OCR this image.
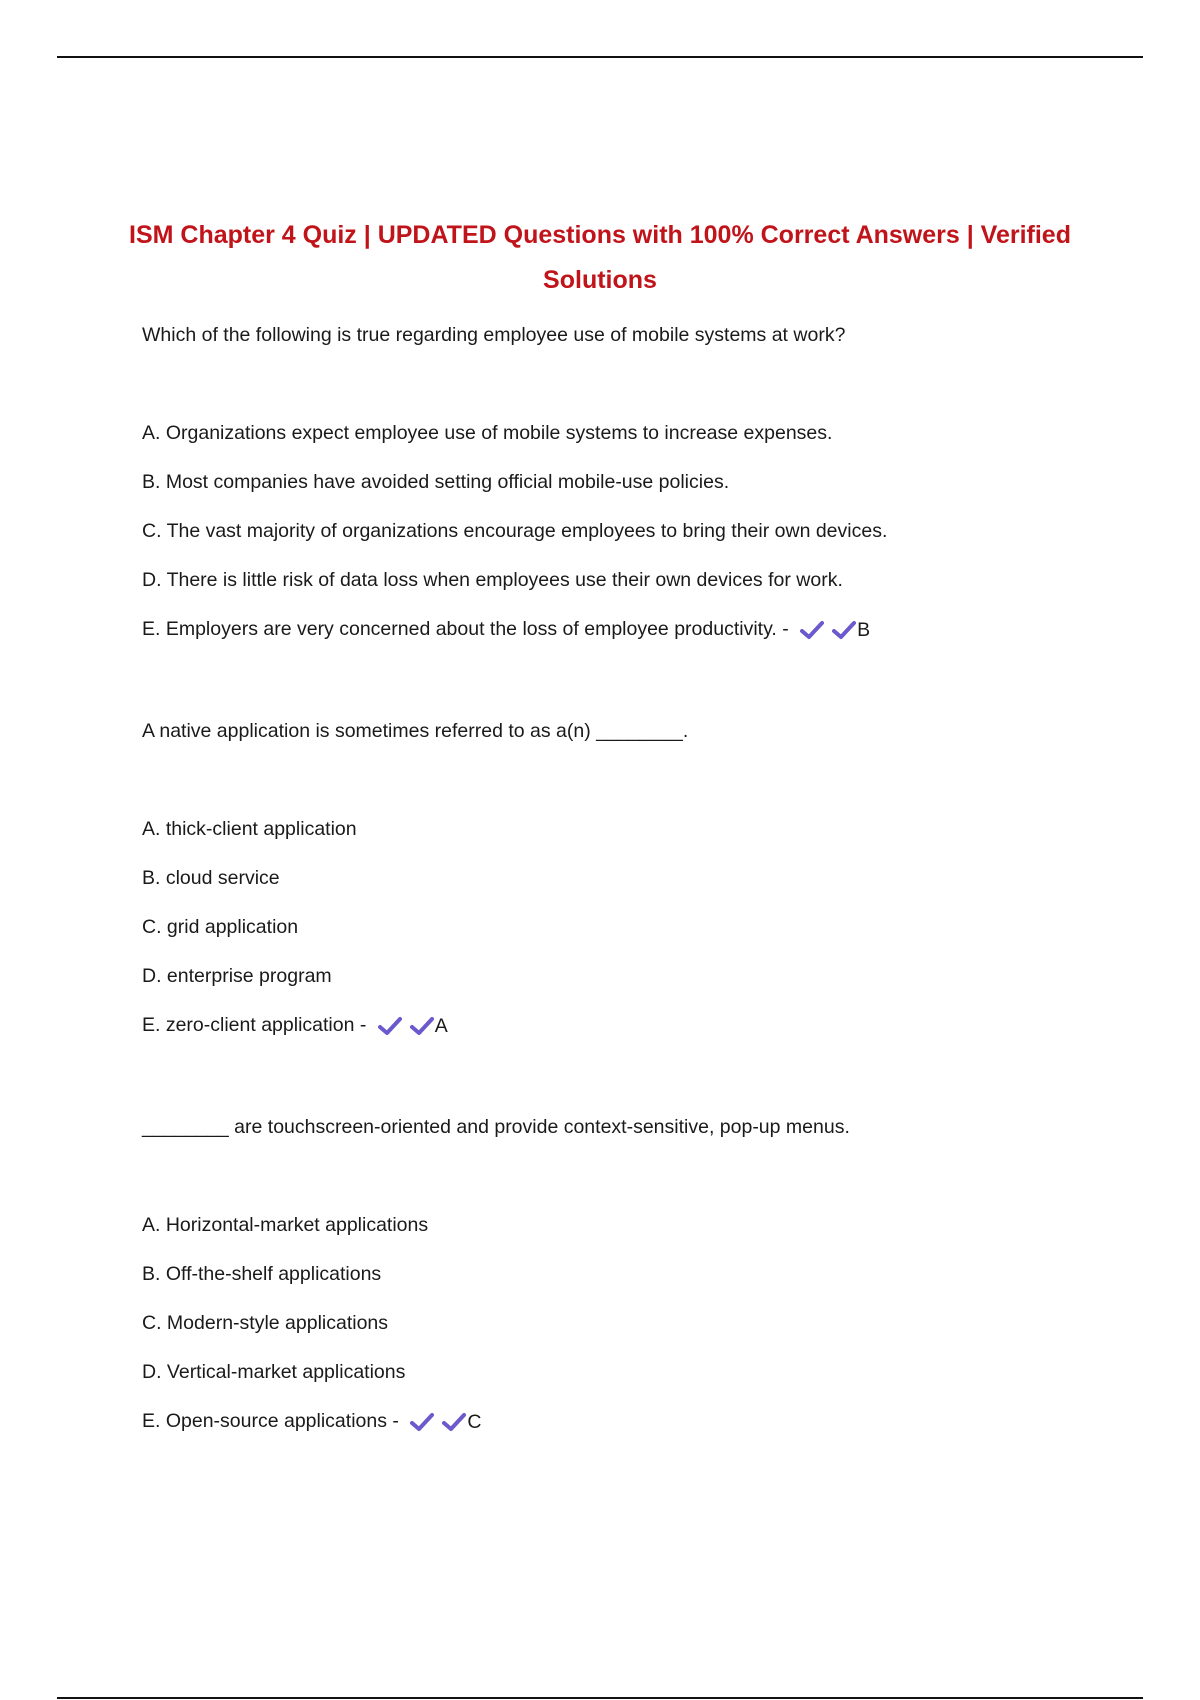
ISM Chapter 4 Quiz | UPDATED Questions with 100% Correct Answers | Verified Solutions

Which of the following is true regarding employee use of mobile systems at work?

A. Organizations expect employee use of mobile systems to increase expenses.
B. Most companies have avoided setting official mobile-use policies.
C. The vast majority of organizations encourage employees to bring their own devices.
D. There is little risk of data loss when employees use their own devices for work.
E. Employers are very concerned about the loss of employee productivity. -	B

A native application is sometimes referred to as a(n) ________.

A. thick-client application
B. cloud service
C. grid application
D. enterprise program
E. zero-client application -	A

________ are touchscreen-oriented and provide context-sensitive, pop-up menus.

A. Horizontal-market applications
B. Off-the-shelf applications
C. Modern-style applications
D. Vertical-market applications
E. Open-source applications -	C
